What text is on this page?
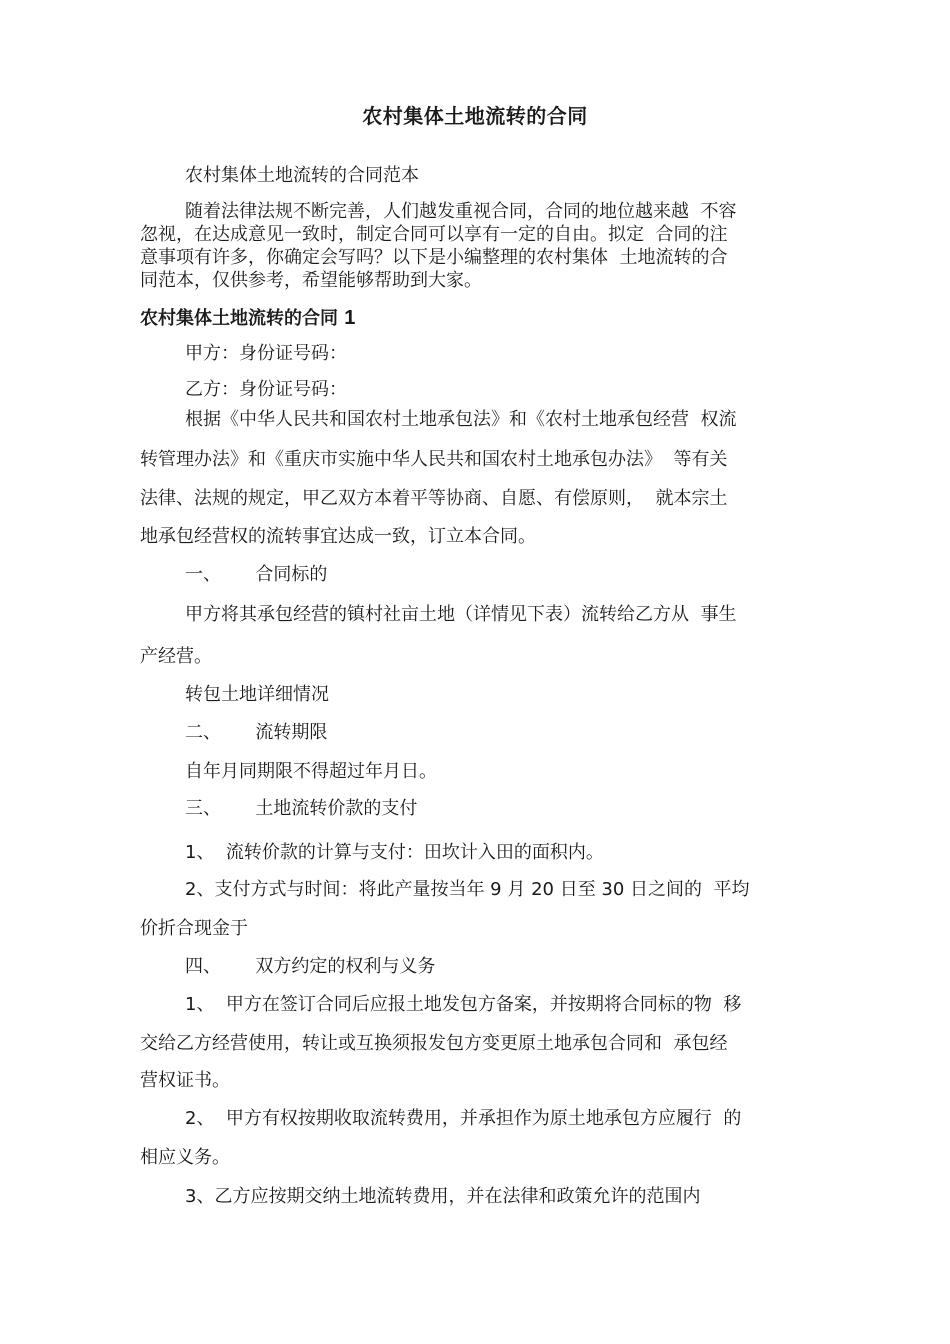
农村集体土地流转的合同
农村集体土地流转的合同范本
随着法律法规不断完善，人们越发重视合同，合同的地位越来越  不容
忽视，在达成意见一致时，制定合同可以享有一定的自由。拟定  合同的注
意事项有许多，你确定会写吗？以下是小编整理的农村集体  土地流转的合
同范本，仅供参考，希望能够帮助到大家。
农村集体土地流转的合同 1
甲方：身份证号码：
乙方：身份证号码：
根据《中华人民共和国农村土地承包法》和《农村土地承包经营  权流
转管理办法》和《重庆市实施中华人民共和国农村土地承包办法》  等有关
法律、法规的规定，甲乙双方本着平等协商、自愿、有偿原则，  就本宗土
地承包经营权的流转事宜达成一致，订立本合同。
一、      合同标的
甲方将其承包经营的镇村社亩土地（详情见下表）流转给乙方从  事生
产经营。
转包土地详细情况
二、      流转期限
自年月同期限不得超过年月日。
三、      土地流转价款的支付
1、  流转价款的计算与支付：田坎计入田的面积内。
2、支付方式与时间：将此产量按当年 9 月 20 日至 30 日之间的  平均
价折合现金于
四、      双方约定的权利与义务
1、  甲方在签订合同后应报土地发包方备案，并按期将合同标的物  移
交给乙方经营使用，转让或互换须报发包方变更原土地承包合同和  承包经
营权证书。
2、  甲方有权按期收取流转费用，并承担作为原土地承包方应履行  的
相应义务。
3、乙方应按期交纳土地流转费用，并在法律和政策允许的范围内
